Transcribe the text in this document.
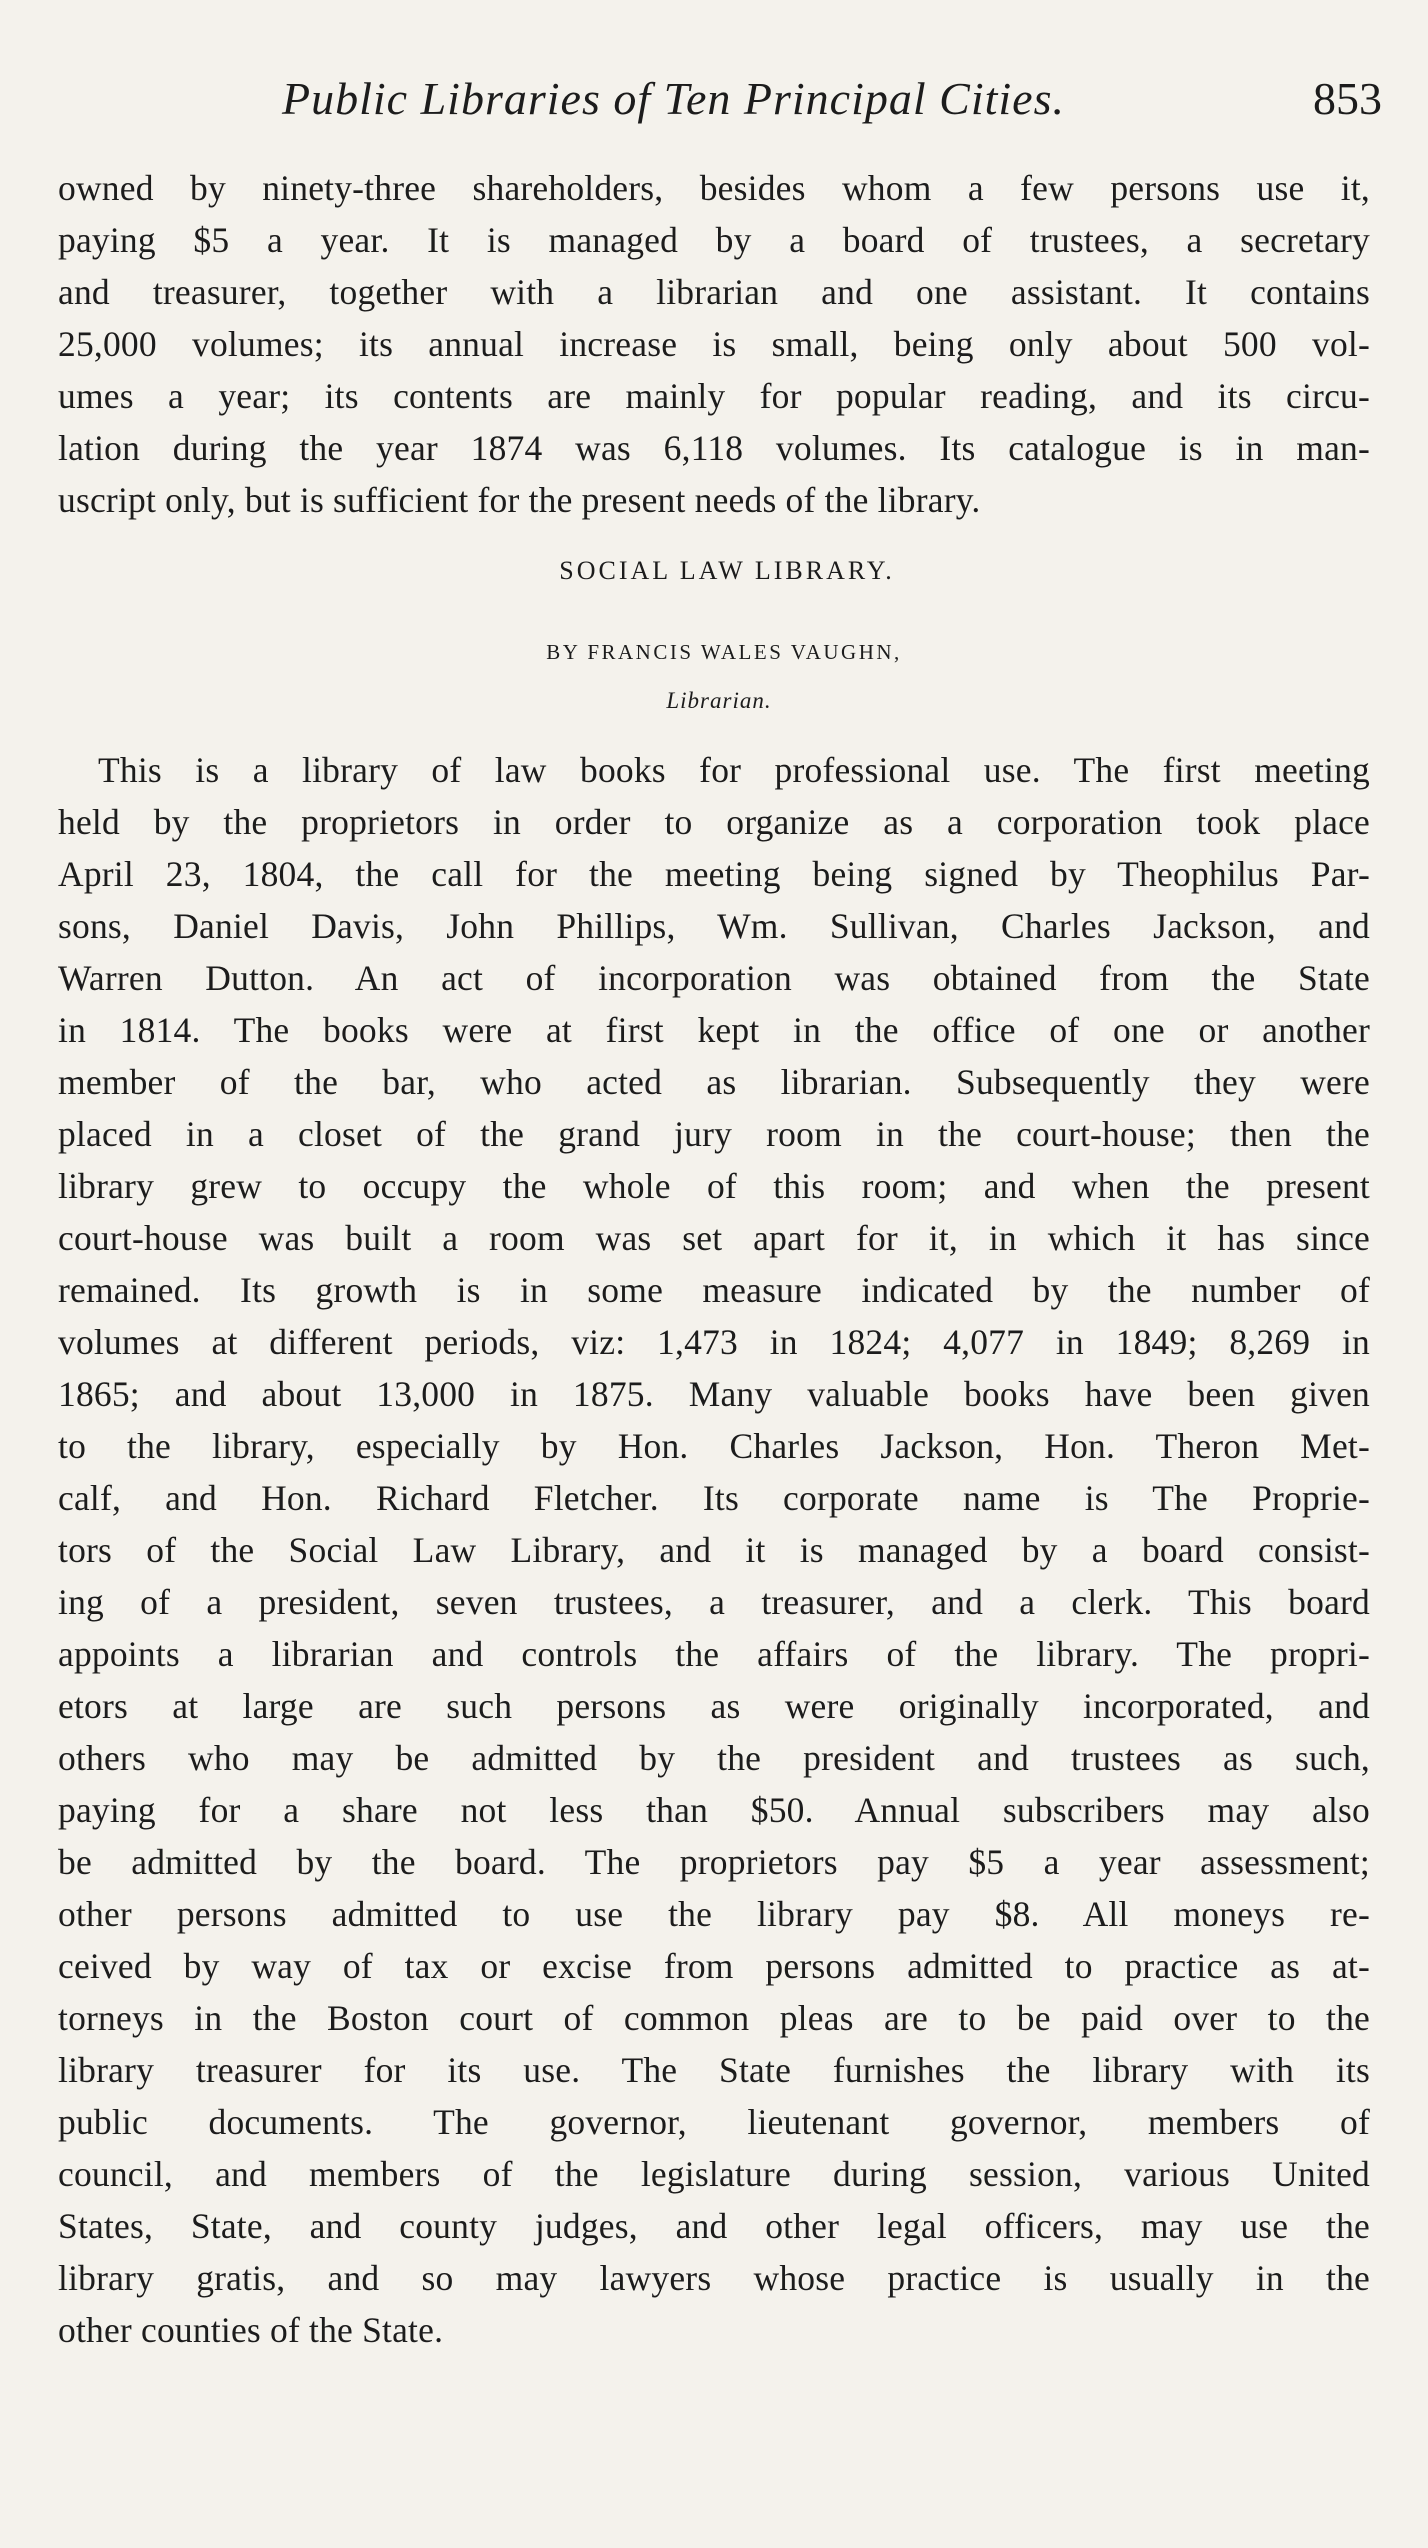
Public Libraries of Ten Principal Cities.	853
owned by ninety-three shareholders, besides whom a few persons use it,
paying $5 a year. It is managed by a board of trustees, a secretary
and treasurer, together with a librarian and one assistant. It contains
25,000 volumes; its annual increase is small, being only about 500 vol-
umes a year; its contents are mainly for popular reading, and its circu-
lation during the year 1874 was 6,118 volumes. Its catalogue is in man-
uscript only, but is sufficient for the present needs of the library.
SOCIAL LAW LIBRARY.
BY FRANCIS WALES VAUGHN,
Librarian.
This is a library of law books for professional use. The first meeting
held by the proprietors in order to organize as a corporation took place
April 23, 1804, the call for the meeting being signed by Theophilus Par-
sons, Daniel Davis, John Phillips, Wm. Sullivan, Charles Jackson, and
Warren Dutton. An act of incorporation was obtained from the State
in 1814. The books were at first kept in the office of one or another
member of the bar, who acted as librarian. Subsequently they were
placed in a closet of the grand jury room in the court-house; then the
library grew to occupy the whole of this room; and when the present
court-house was built a room was set apart for it, in which it has since
remained. Its growth is in some measure indicated by the number of
volumes at different periods, viz: 1,473 in 1824; 4,077 in 1849; 8,269 in
1865; and about 13,000 in 1875. Many valuable books have been given
to the library, especially by Hon. Charles Jackson, Hon. Theron Met-
calf, and Hon. Richard Fletcher. Its corporate name is The Proprie-
tors of the Social Law Library, and it is managed by a board consist-
ing of a president, seven trustees, a treasurer, and a clerk. This board
appoints a librarian and controls the affairs of the library. The propri-
etors at large are such persons as were originally incorporated, and
others who may be admitted by the president and trustees as such,
paying for a share not less than $50. Annual subscribers may also
be admitted by the board. The proprietors pay $5 a year assessment;
other persons admitted to use the library pay $8. All moneys re-
ceived by way of tax or excise from persons admitted to practice as at-
torneys in the Boston court of common pleas are to be paid over to the
library treasurer for its use. The State furnishes the library with its
public documents. The governor, lieutenant governor, members of
council, and members of the legislature during session, various United
States, State, and county judges, and other legal officers, may use the
library gratis, and so may lawyers whose practice is usually in the
other counties of the State.
